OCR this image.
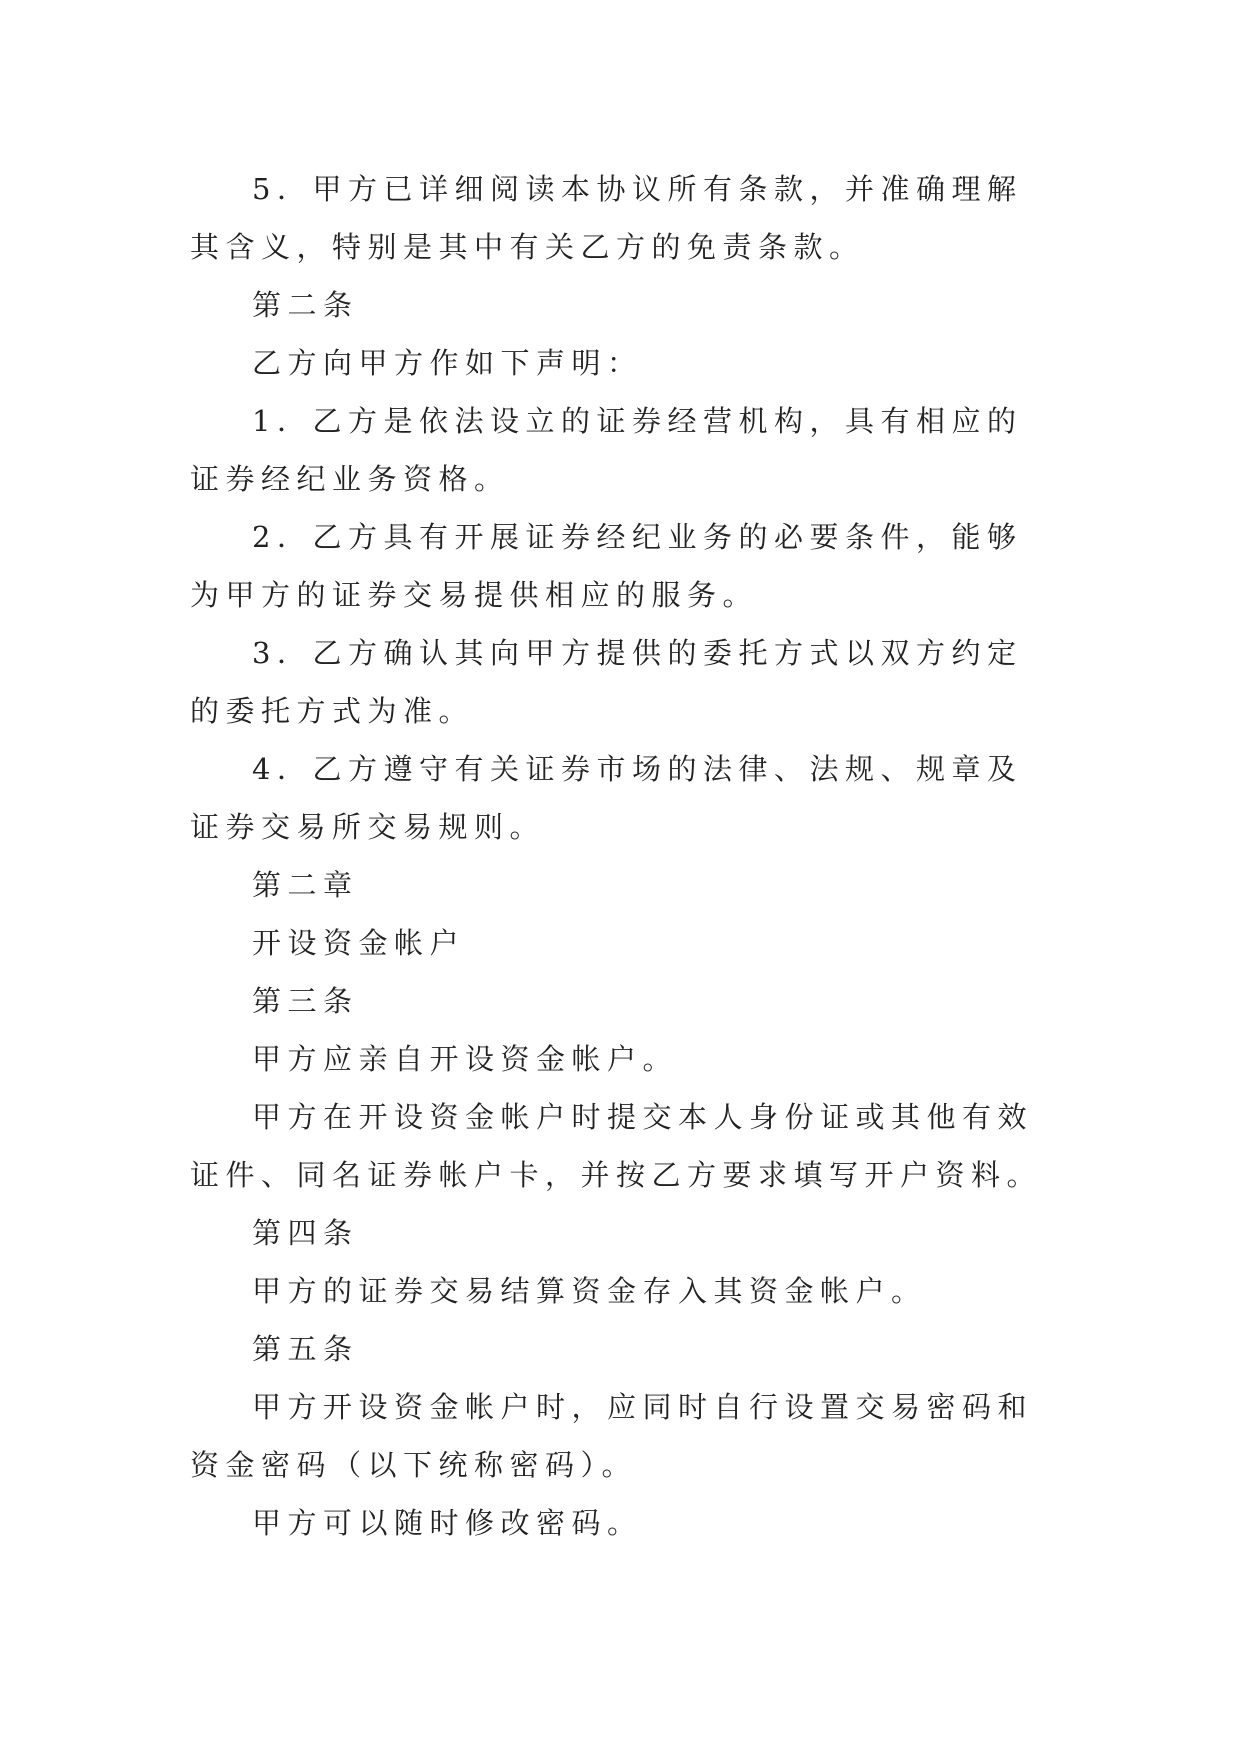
5．甲方已详细阅读本协议所有条款，并准确理解其含义，特别是其中有关乙方的免责条款。

第二条

乙方向甲方作如下声明：

1．乙方是依法设立的证券经营机构，具有相应的证券经纪业务资格。

2．乙方具有开展证券经纪业务的必要条件，能够为甲方的证券交易提供相应的服务。

3．乙方确认其向甲方提供的委托方式以双方约定的委托方式为准。

4．乙方遵守有关证券市场的法律、法规、规章及证券交易所交易规则。

第二章

开设资金帐户

第三条

甲方应亲自开设资金帐户。

甲方在开设资金帐户时提交本人身份证或其他有效证件、同名证券帐户卡，并按乙方要求填写开户资料。

第四条

甲方的证券交易结算资金存入其资金帐户。

第五条

甲方开设资金帐户时，应同时自行设置交易密码和资金密码（以下统称密码）。

甲方可以随时修改密码。
